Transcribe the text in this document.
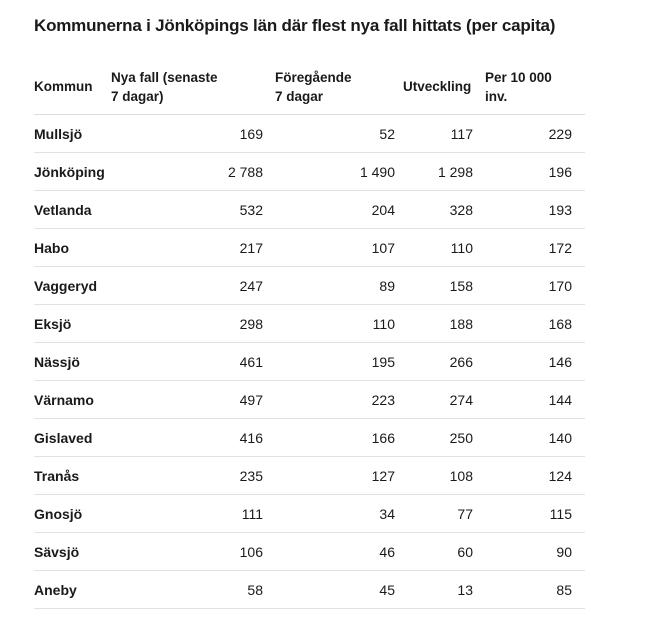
Kommunerna i Jönköpings län där flest nya fall hittats (per capita)
Kommun	Nya fall (senaste 7 dagar)	Föregående 7 dagar	Utveckling	Per 10 000 inv.

Mullsjö	169	52	117	229
Jönköping	2 788	1 490	1 298	196
Vetlanda	532	204	328	193
Habo	217	107	110	172
Vaggeryd	247	89	158	170
Eksjö	298	110	188	168
Nässjö	461	195	266	146
Värnamo	497	223	274	144
Gislaved	416	166	250	140
Tranås	235	127	108	124
Gnosjö	111	34	77	115
Sävsjö	106	46	60	90
Aneby	58	45	13	85
